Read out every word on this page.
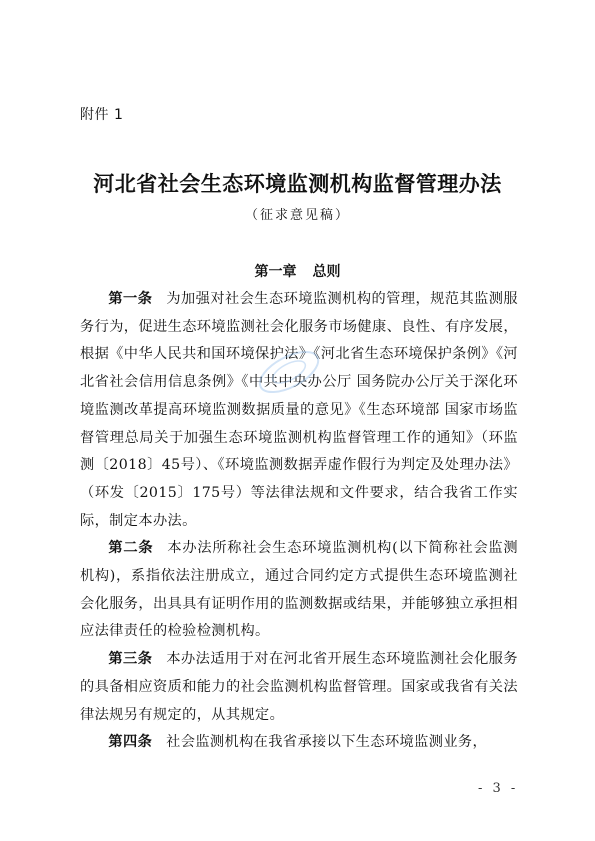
附件 1
河北省社会生态环境监测机构监督管理办法
（征求意见稿）
第一章 总则

第一条 为加强对社会生态环境监测机构的管理，规范其监测服务行为，促进生态环境监测社会化服务市场健康、良性、有序发展，根据《中华人民共和国环境保护法》《河北省生态环境保护条例》《河北省社会信用信息条例》《中共中央办公厅 国务院办公厅关于深化环境监测改革提高环境监测数据质量的意见》《生态环境部 国家市场监督管理总局关于加强生态环境监测机构监督管理工作的通知》（环监测〔2018〕45号）、《环境监测数据弄虚作假行为判定及处理办法》（环发〔2015〕175号）等法律法规和文件要求，结合我省工作实际，制定本办法。

第二条 本办法所称社会生态环境监测机构(以下简称社会监测机构)，系指依法注册成立，通过合同约定方式提供生态环境监测社会化服务，出具具有证明作用的监测数据或结果，并能够独立承担相应法律责任的检验检测机构。

第三条 本办法适用于对在河北省开展生态环境监测社会化服务的具备相应资质和能力的社会监测机构监督管理。国家或我省有关法律法规另有规定的，从其规定。

第四条 社会监测机构在我省承接以下生态环境监测业务，

- 3 -
